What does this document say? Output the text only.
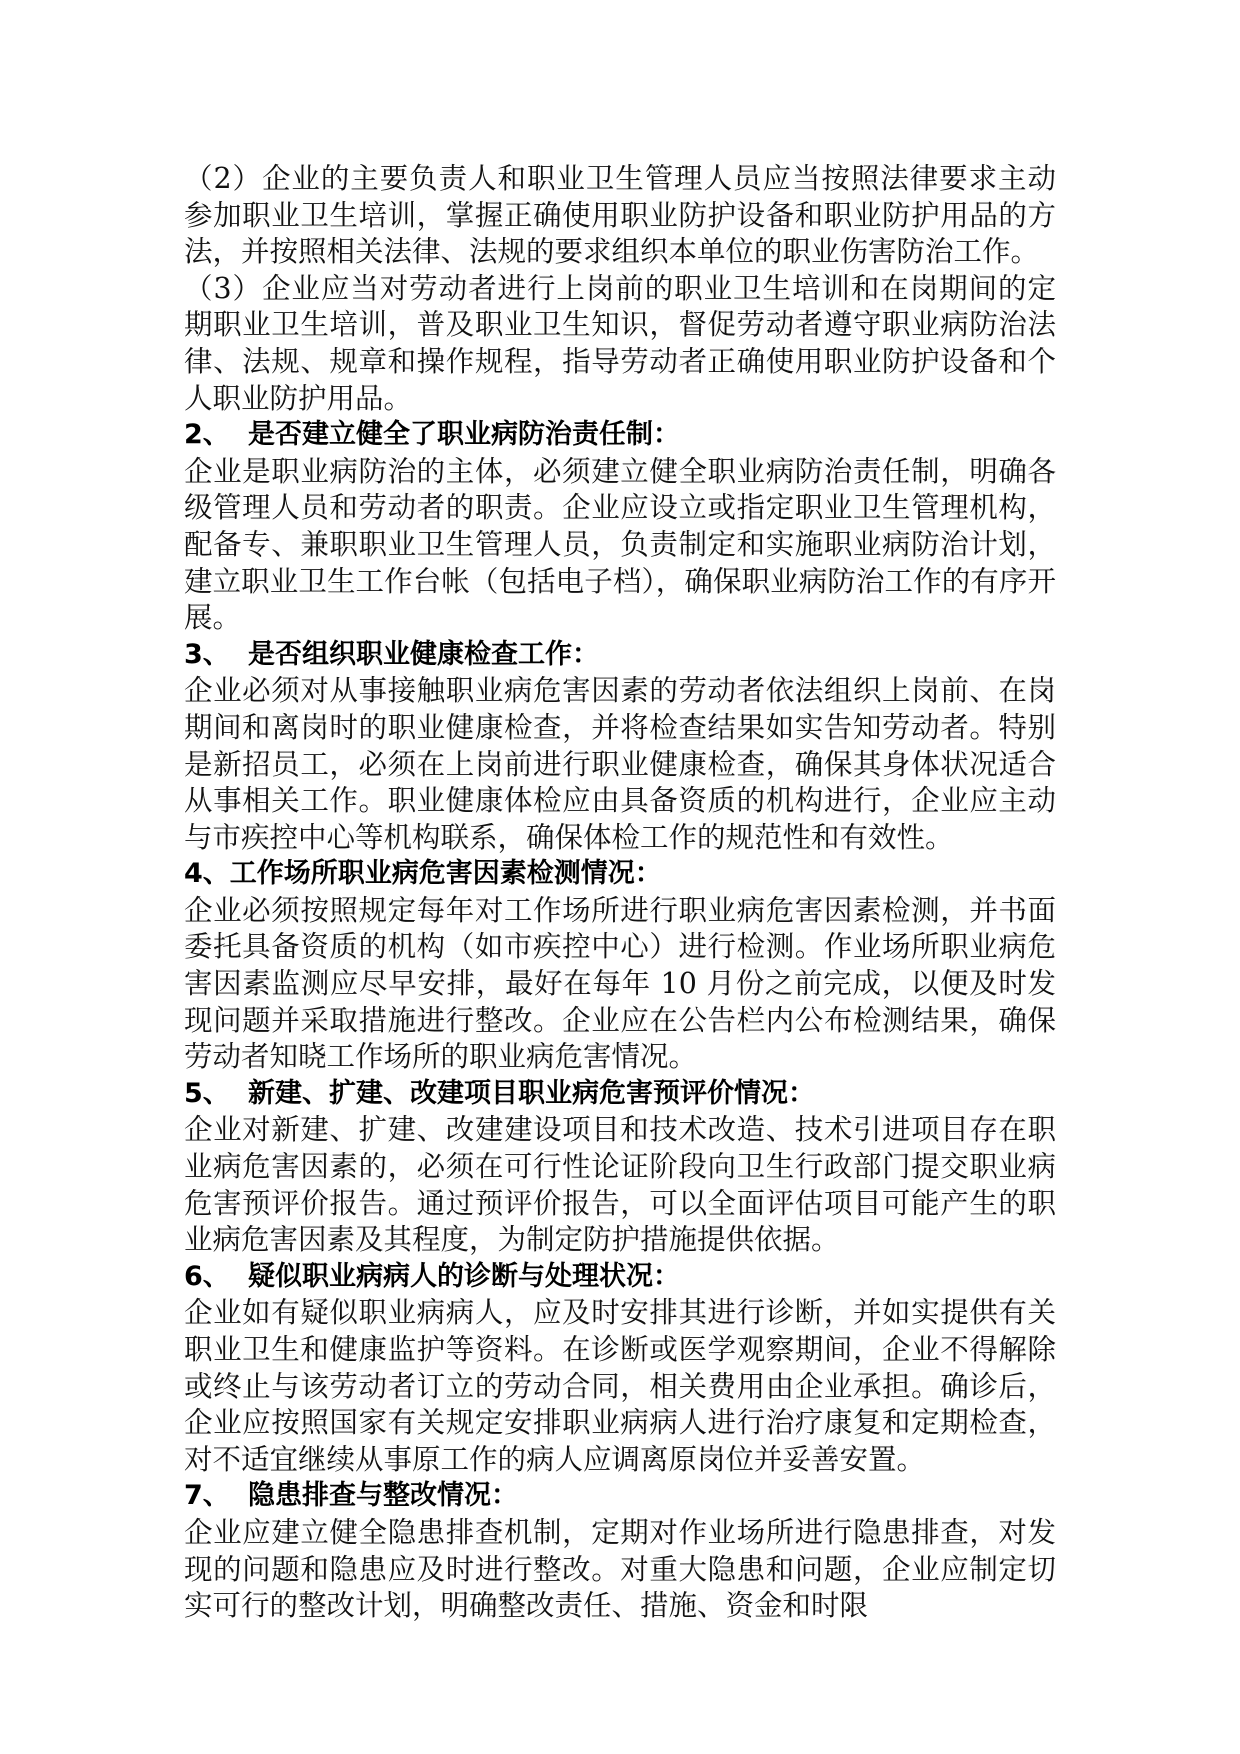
（2）企业的主要负责人和职业卫生管理人员应当按照法律要求主动参加职业卫生培训，掌握正确使用职业防护设备和职业防护用品的方法，并按照相关法律、法规的要求组织本单位的职业伤害防治工作。

（3）企业应当对劳动者进行上岗前的职业卫生培训和在岗期间的定期职业卫生培训，普及职业卫生知识，督促劳动者遵守职业病防治法律、法规、规章和操作规程，指导劳动者正确使用职业防护设备和个人职业防护用品。

2、 是否建立健全了职业病防治责任制：

企业是职业病防治的主体，必须建立健全职业病防治责任制，明确各级管理人员和劳动者的职责。企业应设立或指定职业卫生管理机构，配备专、兼职职业卫生管理人员，负责制定和实施职业病防治计划，建立职业卫生工作台帐（包括电子档），确保职业病防治工作的有序开展。

3、 是否组织职业健康检查工作：

企业必须对从事接触职业病危害因素的劳动者依法组织上岗前、在岗期间和离岗时的职业健康检查，并将检查结果如实告知劳动者。特别是新招员工，必须在上岗前进行职业健康检查，确保其身体状况适合从事相关工作。职业健康体检应由具备资质的机构进行，企业应主动与市疾控中心等机构联系，确保体检工作的规范性和有效性。

4、工作场所职业病危害因素检测情况：

企业必须按照规定每年对工作场所进行职业病危害因素检测，并书面委托具备资质的机构（如市疾控中心）进行检测。作业场所职业病危害因素监测应尽早安排，最好在每年 10 月份之前完成，以便及时发现问题并采取措施进行整改。企业应在公告栏内公布检测结果，确保劳动者知晓工作场所的职业病危害情况。

5、 新建、扩建、改建项目职业病危害预评价情况：

企业对新建、扩建、改建建设项目和技术改造、技术引进项目存在职业病危害因素的，必须在可行性论证阶段向卫生行政部门提交职业病危害预评价报告。通过预评价报告，可以全面评估项目可能产生的职业病危害因素及其程度，为制定防护措施提供依据。

6、 疑似职业病病人的诊断与处理状况：

企业如有疑似职业病病人，应及时安排其进行诊断，并如实提供有关职业卫生和健康监护等资料。在诊断或医学观察期间，企业不得解除或终止与该劳动者订立的劳动合同，相关费用由企业承担。确诊后，企业应按照国家有关规定安排职业病病人进行治疗康复和定期检查，对不适宜继续从事原工作的病人应调离原岗位并妥善安置。

7、 隐患排查与整改情况：

企业应建立健全隐患排查机制，定期对作业场所进行隐患排查，对发现的问题和隐患应及时进行整改。对重大隐患和问题，企业应制定切实可行的整改计划，明确整改责任、措施、资金和时限
